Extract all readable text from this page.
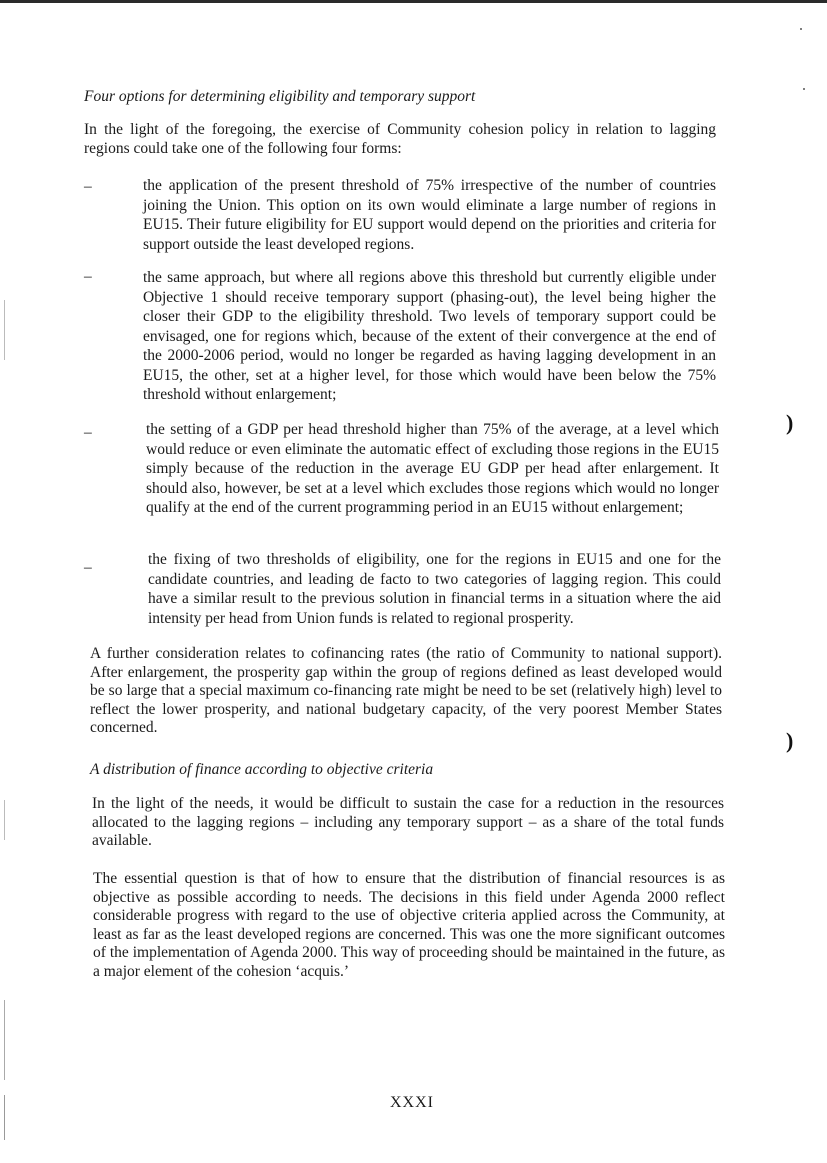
Four options for determining eligibility and temporary support

In the light of the foregoing, the exercise of Community cohesion policy in relation to lagging regions could take one of the following four forms:

–	the application of the present threshold of 75% irrespective of the number of countries joining the Union. This option on its own would eliminate a large number of regions in EU15. Their future eligibility for EU support would depend on the priorities and criteria for support outside the least developed regions.

–	the same approach, but where all regions above this threshold but currently eligible under Objective 1 should receive temporary support (phasing-out), the level being higher the closer their GDP to the eligibility threshold. Two levels of temporary support could be envisaged, one for regions which, because of the extent of their convergence at the end of the 2000-2006 period, would no longer be regarded as having lagging development in an EU15, the other, set at a higher level, for those which would have been below the 75% threshold without enlargement;

–	the setting of a GDP per head threshold higher than 75% of the average, at a level which would reduce or even eliminate the automatic effect of excluding those regions in the EU15 simply because of the reduction in the average EU GDP per head after enlargement. It should also, however, be set at a level which excludes those regions which would no longer qualify at the end of the current programming period in an EU15 without enlargement;

–	the fixing of two thresholds of eligibility, one for the regions in EU15 and one for the candidate countries, and leading de facto to two categories of lagging region. This could have a similar result to the previous solution in financial terms in a situation where the aid intensity per head from Union funds is related to regional prosperity.

A further consideration relates to cofinancing rates (the ratio of Community to national support). After enlargement, the prosperity gap within the group of regions defined as least developed would be so large that a special maximum co-financing rate might be need to be set (relatively high) level to reflect the lower prosperity, and national budgetary capacity, of the very poorest Member States concerned.

A distribution of finance according to objective criteria

In the light of the needs, it would be difficult to sustain the case for a reduction in the resources allocated to the lagging regions – including any temporary support – as a share of the total funds available.

The essential question is that of how to ensure that the distribution of financial resources is as objective as possible according to needs. The decisions in this field under Agenda 2000 reflect considerable progress with regard to the use of objective criteria applied across the Community, at least as far as the least developed regions are concerned. This was one the more significant outcomes of the implementation of Agenda 2000. This way of proceeding should be maintained in the future, as a major element of the cohesion ‘acquis.’

)
)
XXXI
